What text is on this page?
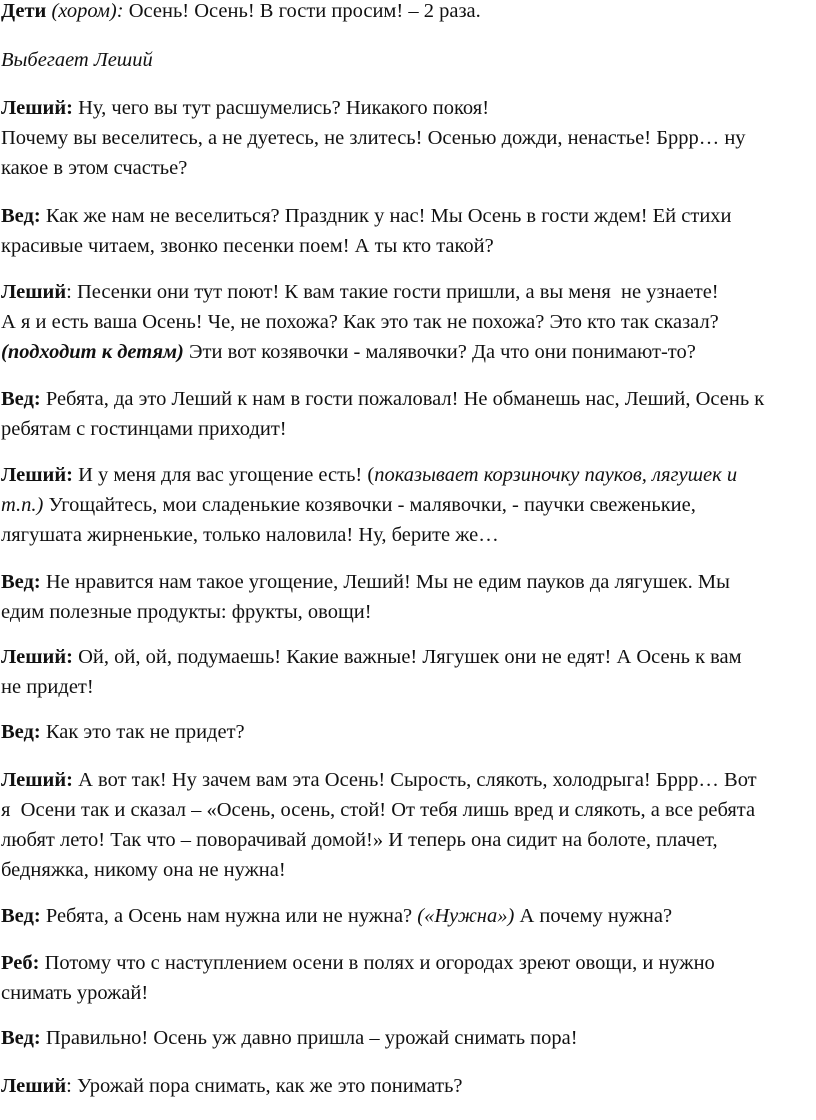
Дети (хором): Осень! Осень! В гости просим! – 2 раза.

Выбегает Леший

Леший: Ну, чего вы тут расшумелись? Никакого покоя!
Почему вы веселитесь, а не дуетесь, не злитесь! Осенью дожди, ненастье! Бррр… ну
какое в этом счастье?

Вед: Как же нам не веселиться? Праздник у нас! Мы Осень в гости ждем! Ей стихи
красивые читаем, звонко песенки поем! А ты кто такой?

Леший: Песенки они тут поют! К вам такие гости пришли, а вы меня  не узнаете!
А я и есть ваша Осень! Че, не похожа? Как это так не похожа? Это кто так сказал?
(подходит к детям) Эти вот козявочки - малявочки? Да что они понимают-то?

Вед: Ребята, да это Леший к нам в гости пожаловал! Не обманешь нас, Леший, Осень к
ребятам с гостинцами приходит!

Леший: И у меня для вас угощение есть! (показывает корзиночку пауков, лягушек и
т.п.) Угощайтесь, мои сладенькие козявочки - малявочки, - паучки свеженькие,
лягушата жирненькие, только наловила! Ну, берите же…

Вед: Не нравится нам такое угощение, Леший! Мы не едим пауков да лягушек. Мы
едим полезные продукты: фрукты, овощи!

Леший: Ой, ой, ой, подумаешь! Какие важные! Лягушек они не едят! А Осень к вам
не придет!

Вед: Как это так не придет?

Леший: А вот так! Ну зачем вам эта Осень! Сырость, слякоть, холодрыга! Бррр… Вот
я  Осени так и сказал – «Осень, осень, стой! От тебя лишь вред и слякоть, а все ребята
любят лето! Так что – поворачивай домой!» И теперь она сидит на болоте, плачет,
бедняжка, никому она не нужна!

Вед: Ребята, а Осень нам нужна или не нужна? («Нужна») А почему нужна?

Реб: Потому что с наступлением осени в полях и огородах зреют овощи, и нужно
снимать урожай!

Вед: Правильно! Осень уж давно пришла – урожай снимать пора!

Леший: Урожай пора снимать, как же это понимать?
